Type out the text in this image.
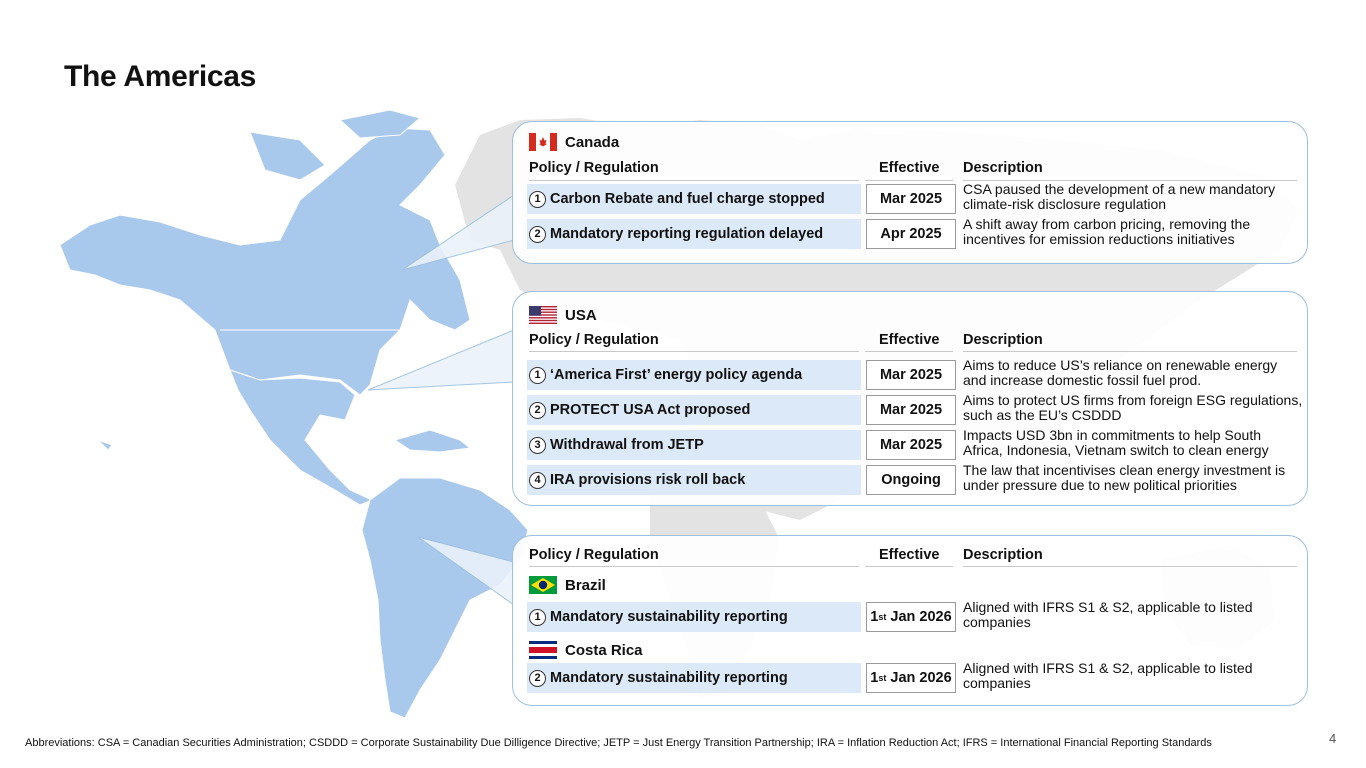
The Americas
Canada
Policy / Regulation	Effective Description
1 Carbon Rebate and fuel charge stopped	Mar 2025
CSA paused the development of a new mandatory climate-risk disclosure regulation
2 Mandatory reporting regulation delayed	Apr 2025
A shift away from carbon pricing, removing the incentives for emission reductions initiatives
USA
Policy / Regulation	Effective Description
1 ‘America First’ energy policy agenda	Mar 2025
Aims to reduce US’s reliance on renewable energy and increase domestic fossil fuel prod.
2 PROTECT USA Act proposed	Mar 2025
Aims to protect US firms from foreign ESG regulations, such as the EU’s CSDDD
3 Withdrawal from JETP	Mar 2025
Impacts USD 3bn in commitments to help South Africa, Indonesia, Vietnam switch to clean energy
4 IRA provisions risk roll back	Ongoing
The law that incentivises clean energy investment is under pressure due to new political priorities
Policy / Regulation	Effective Description
Brazil
1 Mandatory sustainability reporting	1 st Jan 2026
Aligned with IFRS S1 & S2, applicable to listed companies
Costa Rica
2 Mandatory sustainability reporting	1 st Jan 2026
Aligned with IFRS S1 & S2, applicable to listed companies

Abbreviations: CSA = Canadian Securities Administration; CSDDD = Corporate Sustainability Due Dilligence Directive; JETP = Just Energy Transition Partnership; IRA = Inflation Reduction Act; IFRS = International Financial Reporting Standards	4
